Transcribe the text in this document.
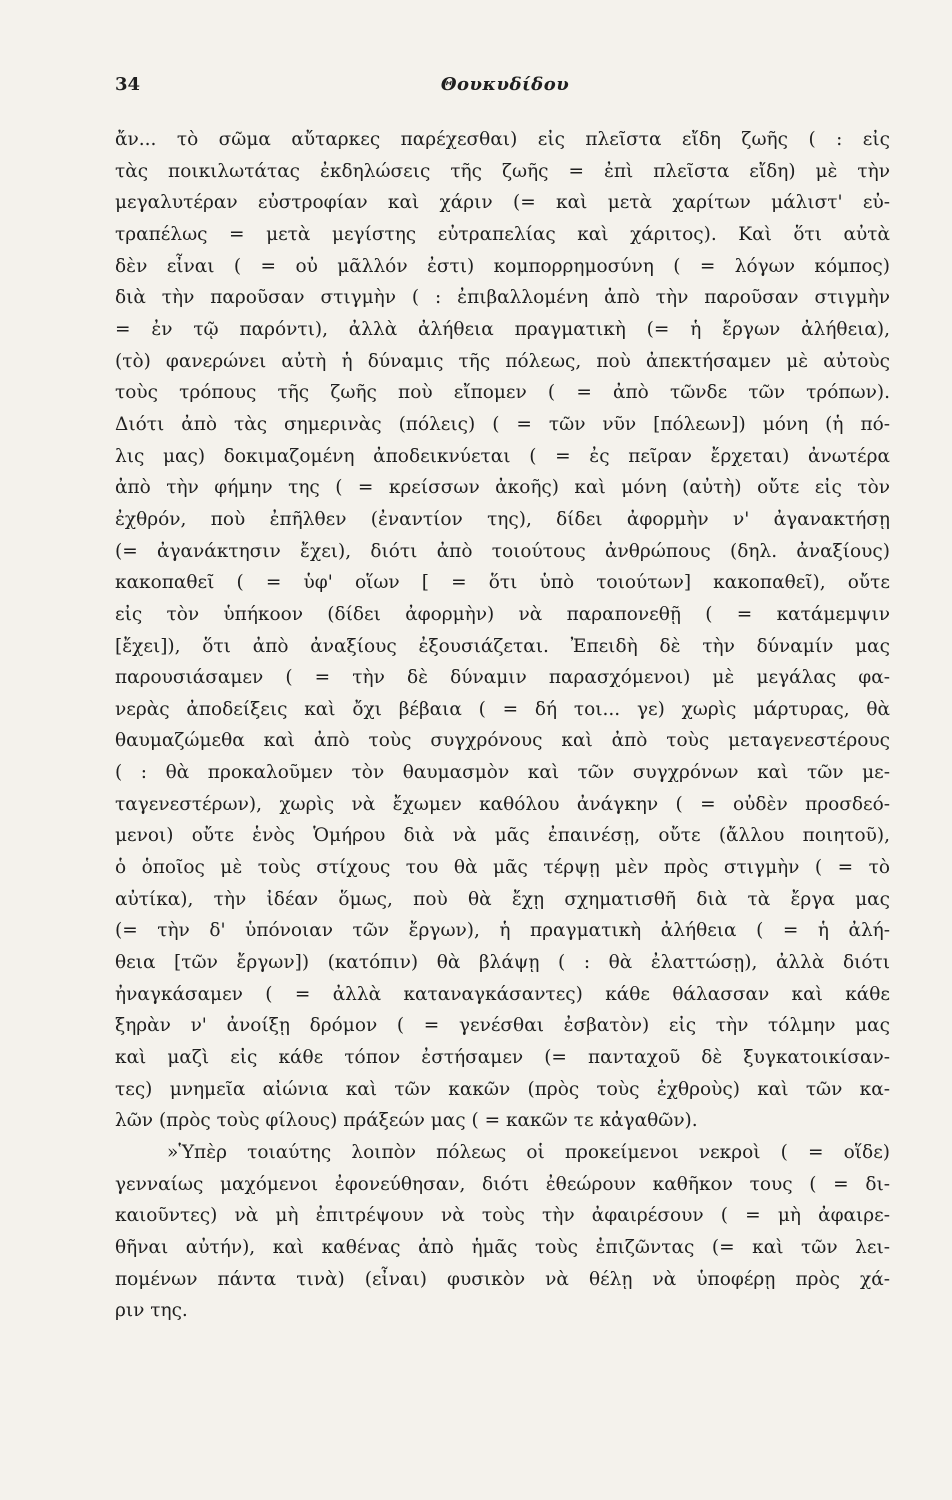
34	Θουκυδίδου
ἄν... τὸ σῶμα αὔταρκες παρέχεσθαι) εἰς πλεῖστα εἴδη ζωῆς ( : εἰς
τὰς ποικιλωτάτας ἐκδηλώσεις τῆς ζωῆς = ἐπὶ πλεῖστα εἴδη) μὲ τὴν
μεγαλυτέραν εὐστροφίαν καὶ χάριν (= καὶ μετὰ χαρίτων μάλιστ' εὐ-
τραπέλως = μετὰ μεγίστης εὐτραπελίας καὶ χάριτος). Καὶ ὅτι αὐτὰ
δὲν εἶναι ( = οὐ μᾶλλόν ἐστι) κομπορρημοσύνη ( = λόγων κόμπος)
διὰ τὴν παροῦσαν στιγμὴν ( : ἐπιβαλλομένη ἀπὸ τὴν παροῦσαν στιγμὴν
= ἐν τῷ παρόντι), ἀλλὰ ἀλήθεια πραγματικὴ (= ἡ ἔργων ἀλήθεια),
(τὸ) φανερώνει αὐτὴ ἡ δύναμις τῆς πόλεως, ποὺ ἀπεκτήσαμεν μὲ αὐτοὺς
τοὺς τρόπους τῆς ζωῆς ποὺ εἴπομεν ( = ἀπὸ τῶνδε τῶν τρόπων).
Διότι ἀπὸ τὰς σημερινὰς (πόλεις) ( = τῶν νῦν [πόλεων]) μόνη (ἡ πό-
λις μας) δοκιμαζομένη ἀποδεικνύεται ( = ἐς πεῖραν ἔρχεται) ἀνωτέρα
ἀπὸ τὴν φήμην της ( = κρείσσων ἀκοῆς) καὶ μόνη (αὐτὴ) οὔτε εἰς τὸν
ἐχθρόν, ποὺ ἐπῆλθεν (ἐναντίον της), δίδει ἀφορμὴν ν' ἀγανακτήσῃ
(= ἀγανάκτησιν ἔχει), διότι ἀπὸ τοιούτους ἀνθρώπους (δηλ. ἀναξίους)
κακοπαθεῖ ( = ὑφ' οἵων [ = ὅτι ὑπὸ τοιούτων] κακοπαθεῖ), οὔτε
εἰς τὸν ὑπήκοον (δίδει ἀφορμὴν) νὰ παραπονεθῇ ( = κατάμεμψιν
[ἔχει]), ὅτι ἀπὸ ἀναξίους ἐξουσιάζεται. Ἐπειδὴ δὲ τὴν δύναμίν μας
παρουσιάσαμεν ( = τὴν δὲ δύναμιν παρασχόμενοι) μὲ μεγάλας φα-
νερὰς ἀποδείξεις καὶ ὄχι βέβαια ( = δή τοι... γε) χωρὶς μάρτυρας, θὰ
θαυμαζώμεθα καὶ ἀπὸ τοὺς συγχρόνους καὶ ἀπὸ τοὺς μεταγενεστέρους
( : θὰ προκαλοῦμεν τὸν θαυμασμὸν καὶ τῶν συγχρόνων καὶ τῶν με-
ταγενεστέρων), χωρὶς νὰ ἔχωμεν καθόλου ἀνάγκην ( = οὐδὲν προσδεό-
μενοι) οὔτε ἑνὸς Ὁμήρου διὰ νὰ μᾶς ἐπαινέσῃ, οὔτε (ἄλλου ποιητοῦ),
ὁ ὁποῖος μὲ τοὺς στίχους του θὰ μᾶς τέρψῃ μὲν πρὸς στιγμὴν ( = τὸ
αὐτίκα), τὴν ἰδέαν ὅμως, ποὺ θὰ ἔχῃ σχηματισθῆ διὰ τὰ ἔργα μας
(= τὴν δ' ὑπόνοιαν τῶν ἔργων), ἡ πραγματικὴ ἀλήθεια ( = ἡ ἀλή-
θεια [τῶν ἔργων]) (κατόπιν) θὰ βλάψῃ ( : θὰ ἐλαττώσῃ), ἀλλὰ διότι
ἠναγκάσαμεν ( = ἀλλὰ καταναγκάσαντες) κάθε θάλασσαν καὶ κάθε
ξηρὰν ν' ἀνοίξῃ δρόμον ( = γενέσθαι ἐσβατὸν) εἰς τὴν τόλμην μας
καὶ μαζὶ εἰς κάθε τόπον ἐστήσαμεν (= πανταχοῦ δὲ ξυγκατοικίσαν-
τες) μνημεῖα αἰώνια καὶ τῶν κακῶν (πρὸς τοὺς ἐχθροὺς) καὶ τῶν κα-
λῶν (πρὸς τοὺς φίλους) πράξεών μας ( = κακῶν τε κἀγαθῶν).
»Ὑπὲρ τοιαύτης λοιπὸν πόλεως οἱ προκείμενοι νεκροὶ ( = οἵδε)
γενναίως μαχόμενοι ἐφονεύθησαν, διότι ἐθεώρουν καθῆκον τους ( = δι-
καιοῦντες) νὰ μὴ ἐπιτρέψουν νὰ τοὺς τὴν ἀφαιρέσουν ( = μὴ ἀφαιρε-
θῆναι αὐτήν), καὶ καθένας ἀπὸ ἡμᾶς τοὺς ἐπιζῶντας (= καὶ τῶν λει-
πομένων πάντα τινὰ) (εἶναι) φυσικὸν νὰ θέλῃ νὰ ὑποφέρῃ πρὸς χά-
ριν της.
